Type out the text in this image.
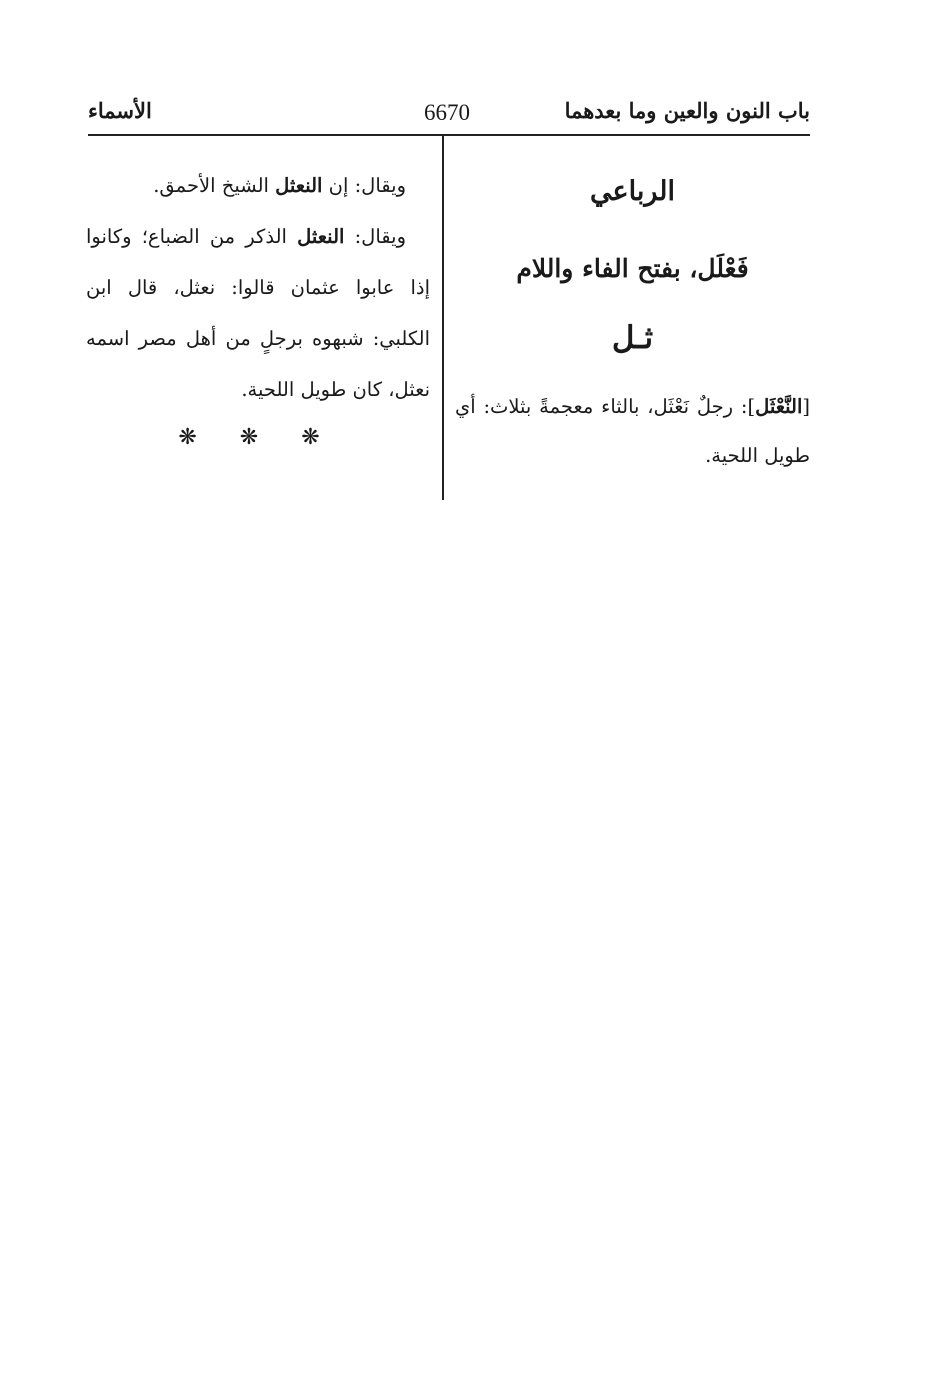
باب النون والعين وما بعدهما
6670
الأسماء
الرباعي
فَعْلَل، بفتح الفاء واللام
ثـل
[النَّعْثَل]: رجلٌ نَعْثَل، بالثاء معجمةً بثلاث: أي طويل اللحية.

ويقال: إن النعثل الشيخ الأحمق.

ويقال: النعثل الذكر من الضباع؛ وكانوا إذا عابوا عثمان قالوا: نعثل، قال ابن الكلبي: شبهوه برجلٍ من أهل مصر اسمه نعثل، كان طويل اللحية.

❋ ❋ ❋
